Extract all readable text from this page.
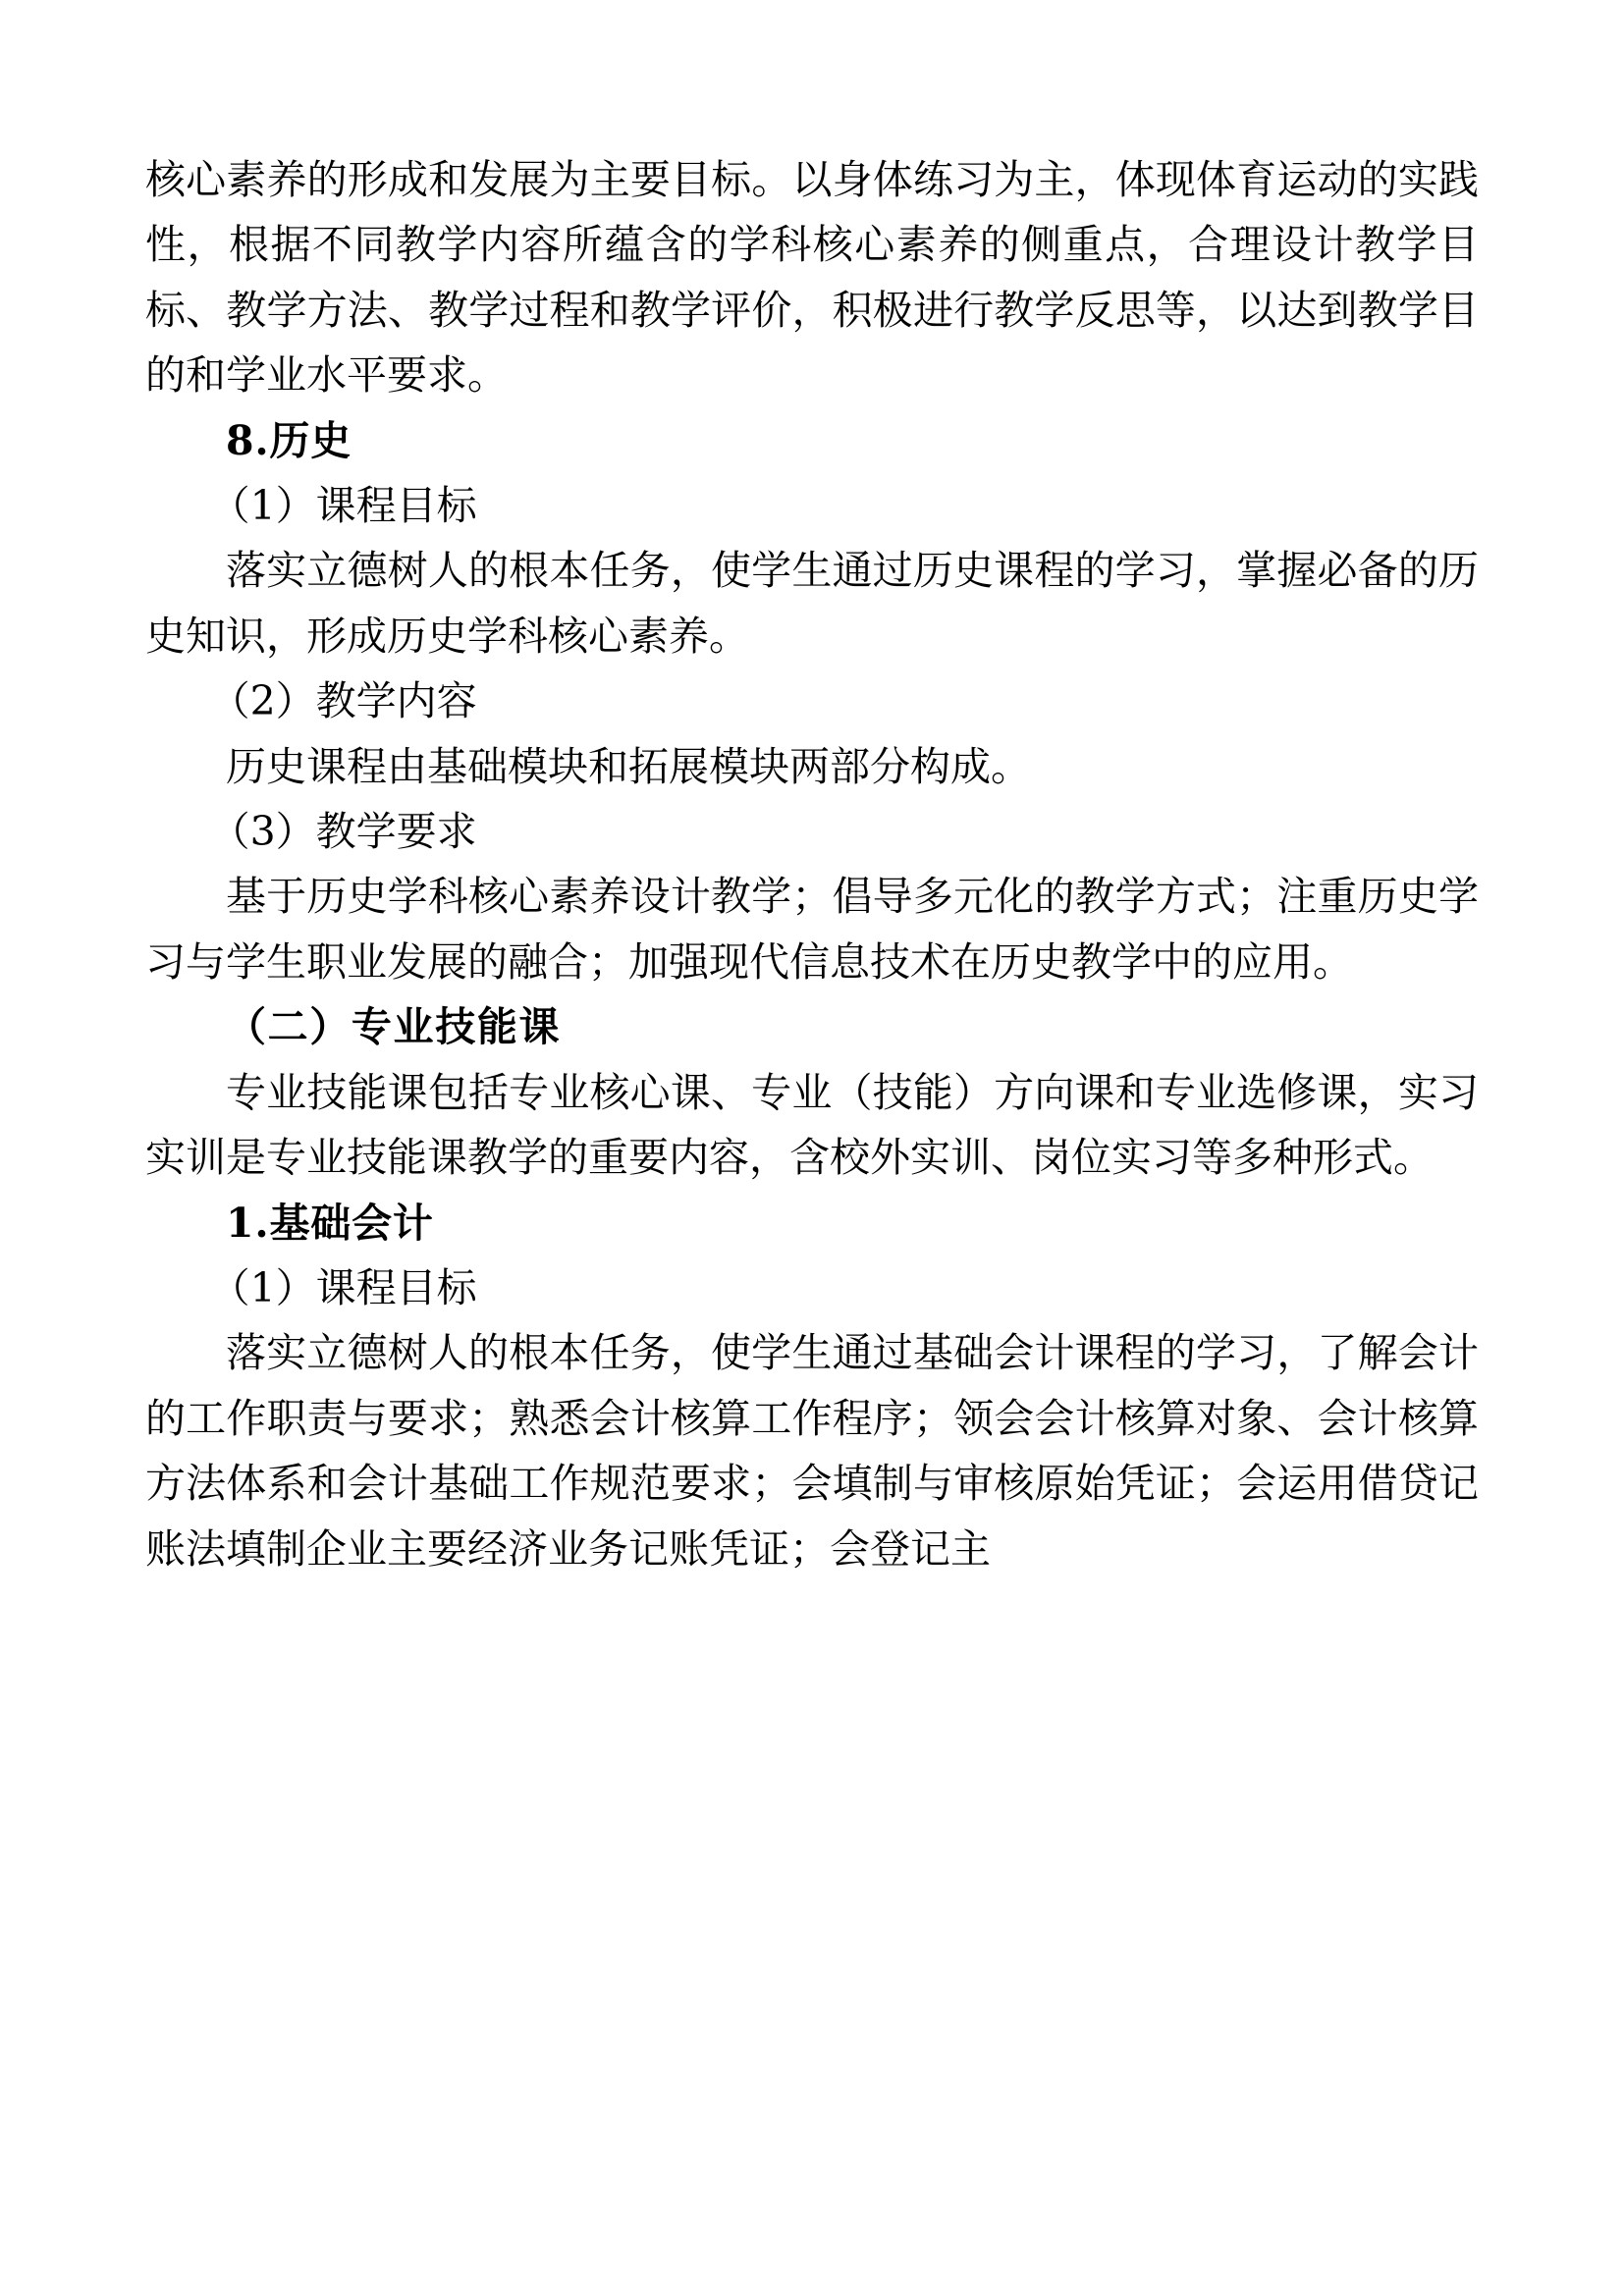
核心素养的形成和发展为主要目标。以身体练习为主，体现体育运动的实践性，根据不同教学内容所蕴含的学科核心素养的侧重点，合理设计教学目标、教学方法、教学过程和教学评价，积极进行教学反思等，以达到教学目的和学业水平要求。

8.历史

（1）课程目标

落实立德树人的根本任务，使学生通过历史课程的学习，掌握必备的历史知识，形成历史学科核心素养。

（2）教学内容

历史课程由基础模块和拓展模块两部分构成。

（3）教学要求

基于历史学科核心素养设计教学；倡导多元化的教学方式；注重历史学习与学生职业发展的融合；加强现代信息技术在历史教学中的应用。

（二）专业技能课

专业技能课包括专业核心课、专业（技能）方向课和专业选修课，实习实训是专业技能课教学的重要内容，含校外实训、岗位实习等多种形式。

1.基础会计

（1）课程目标

落实立德树人的根本任务，使学生通过基础会计课程的学习，了解会计的工作职责与要求；熟悉会计核算工作程序；领会会计核算对象、会计核算方法体系和会计基础工作规范要求；会填制与审核原始凭证；会运用借贷记账法填制企业主要经济业务记账凭证；会登记主
